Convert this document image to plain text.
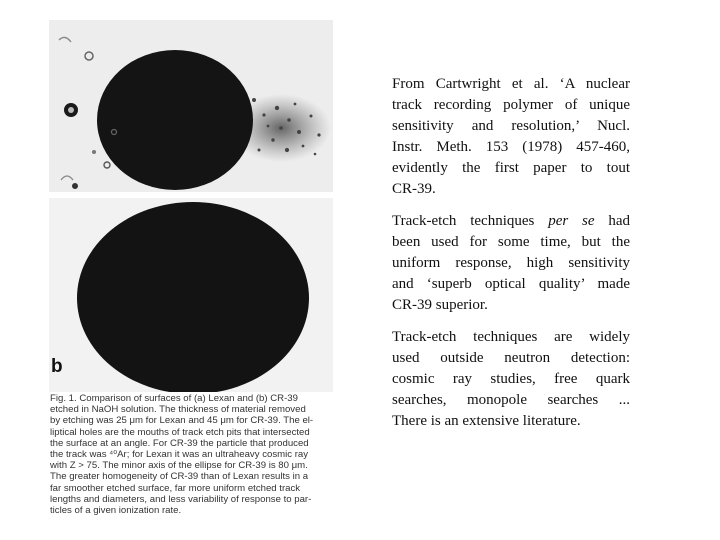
b
Fig. 1. Comparison of surfaces of (a) Lexan and (b) CR-39
etched in NaOH solution. The thickness of material removed
by etching was 25 μm for Lexan and 45 μm for CR-39. The el-
liptical holes are the mouths of track etch pits that intersected
the surface at an angle. For CR-39 the particle that produced
the track was ⁴⁰Ar; for Lexan it was an ultraheavy cosmic ray
with Z > 75. The minor axis of the ellipse for CR-39 is 80 μm.
The greater homogeneity of CR-39 than of Lexan results in a
far smoother etched surface, far more uniform etched track
lengths and diameters, and less variability of response to par-
ticles of a given ionization rate.
From Cartwright et al. ‘A nuclear
track recording polymer of unique
sensitivity and resolution,’ Nucl.
Instr. Meth. 153 (1978) 457-460,
evidently the first paper to tout
CR-39.
Track-etch techniques per se had
been used for some time, but the
uniform response, high sensitivity
and ‘superb optical quality’ made
CR-39 superior.
Track-etch techniques are widely
used outside neutron detection:
cosmic ray studies, free quark
searches, monopole searches ...
There is an extensive literature.
